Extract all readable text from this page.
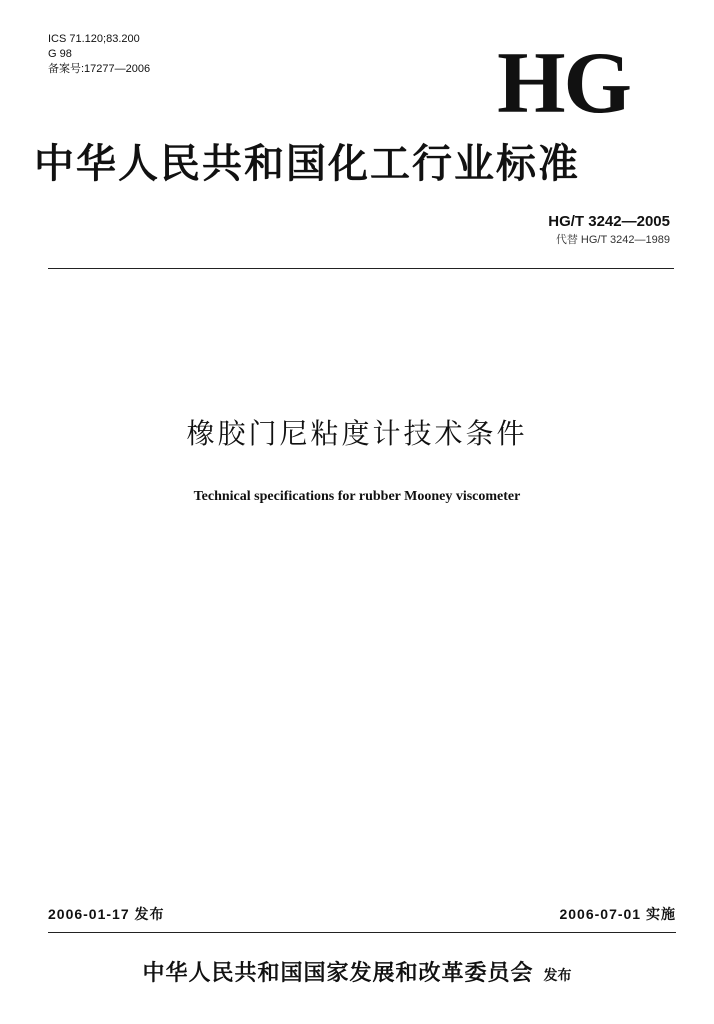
ICS 71.120;83.200
G 98
备案号:17277—2006	HG
中华人民共和国化工行业标准
HG/T 3242—2005
代替 HG/T 3242—1989
橡胶门尼粘度计技术条件
Technical specifications for rubber Mooney viscometer
2006-01-17 发布	2006-07-01 实施
中华人民共和国国家发展和改革委员会 发布
